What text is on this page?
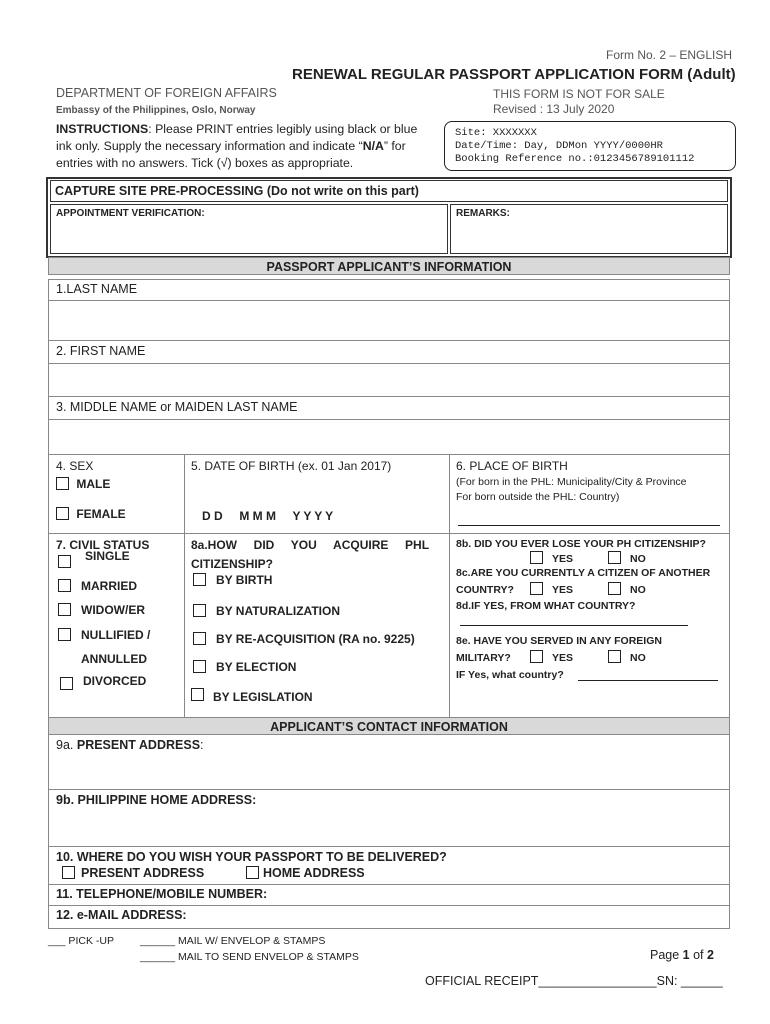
Form No. 2 – ENGLISH
RENEWAL REGULAR PASSPORT APPLICATION FORM (Adult)
DEPARTMENT OF FOREIGN AFFAIRS
Embassy of the Philippines, Oslo, Norway
THIS FORM IS NOT FOR SALE
Revised : 13 July 2020
INSTRUCTIONS: Please PRINT entries legibly using black or blue
ink only. Supply the necessary information and indicate “N/A” for
entries with no answers. Tick (√) boxes as appropriate.
Site: XXXXXXX
Date/Time: Day, DDMon YYYY/0000HR
Booking Reference no.:0123456789101112
CAPTURE SITE PRE-PROCESSING (Do not write on this part)
APPOINTMENT VERIFICATION:	REMARKS:
PASSPORT APPLICANT’S INFORMATION
1.LAST NAME
2. FIRST NAME
3. MIDDLE NAME or MAIDEN LAST NAME
4. SEX
MALE
FEMALE
5. DATE OF BIRTH (ex. 01 Jan 2017)
D D     M M M     Y Y Y Y
6. PLACE OF BIRTH
(For born in the PHL: Municipality/City & Province
For born outside the PHL: Country)
7. CIVIL STATUS
SINGLE
MARRIED
WIDOW/ER
NULLIFIED /
ANNULLED
DIVORCED
8a.HOW     DID     YOU     ACQUIRE     PHL
CITIZENSHIP?
BY BIRTH
BY NATURALIZATION
BY RE-ACQUISITION (RA no. 9225)
BY ELECTION
BY LEGISLATION
8b. DID YOU EVER LOSE YOUR PH CITIZENSHIP?
YES	NO
8c.ARE YOU CURRENTLY A CITIZEN OF ANOTHER
COUNTRY?	YES	NO
8d.IF YES, FROM WHAT COUNTRY?
8e. HAVE YOU SERVED IN ANY FOREIGN
MILITARY?	YES	NO
IF Yes, what country?
APPLICANT’S CONTACT INFORMATION
9a. PRESENT ADDRESS:
9b. PHILIPPINE HOME ADDRESS:
10. WHERE DO YOU WISH YOUR PASSPORT TO BE DELIVERED?
PRESENT ADDRESS	HOME ADDRESS
11. TELEPHONE/MOBILE NUMBER:
12. e-MAIL ADDRESS:
___ PICK -UP ______ MAIL W/ ENVELOP & STAMPS
______ MAIL TO SEND ENVELOP & STAMPS	Page 1 of 2
OFFICIAL RECEIPT_________________SN: ______
